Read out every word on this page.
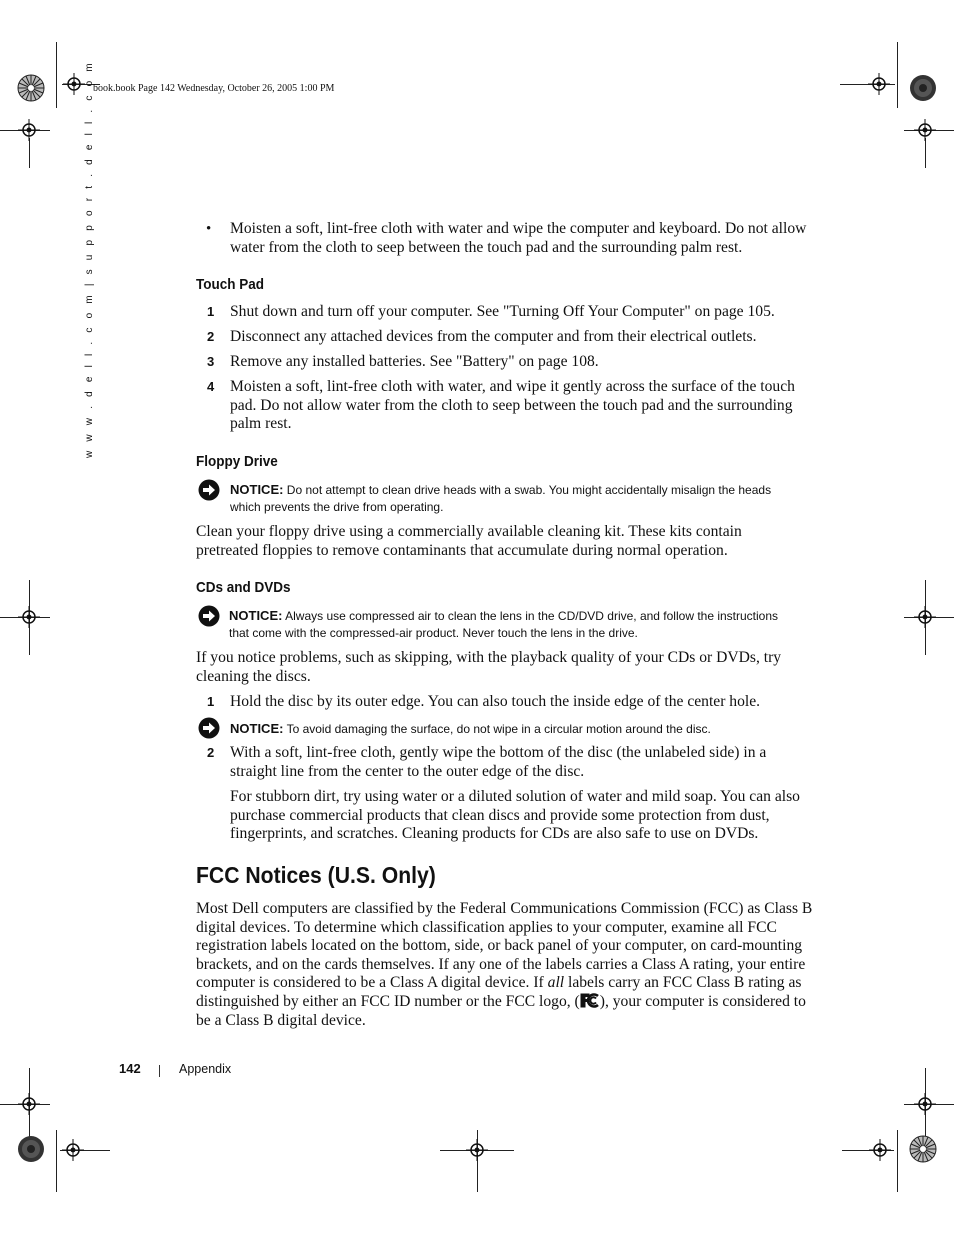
book.book Page 142 Wednesday, October 26, 2005 1:00 PM
w w w . d e l l . c o m | s u p p o r t . d e l l . c o m	• Moisten a soft, lint-free cloth with water and wipe the computer and keyboard. Do not allow
water from the cloth to seep between the touch pad and the surrounding palm rest.
Touch Pad
1 Shut down and turn off your computer. See "Turning Off Your Computer" on page 105.
2 Disconnect any attached devices from the computer and from their electrical outlets.
3 Remove any installed batteries. See "Battery" on page 108.
4 Moisten a soft, lint-free cloth with water, and wipe it gently across the surface of the touch
pad. Do not allow water from the cloth to seep between the touch pad and the surrounding
palm rest.
Floppy Drive
NOTICE: Do not attempt to clean drive heads with a swab. You might accidentally misalign the heads
which prevents the drive from operating.
Clean your floppy drive using a commercially available cleaning kit. These kits contain
pretreated floppies to remove contaminants that accumulate during normal operation.
CDs and DVDs
NOTICE: Always use compressed air to clean the lens in the CD/DVD drive, and follow the instructions
that come with the compressed-air product. Never touch the lens in the drive.
If you notice problems, such as skipping, with the playback quality of your CDs or DVDs, try
cleaning the discs.
1 Hold the disc by its outer edge. You can also touch the inside edge of the center hole.
NOTICE: To avoid damaging the surface, do not wipe in a circular motion around the disc.
2 With a soft, lint-free cloth, gently wipe the bottom of the disc (the unlabeled side) in a
straight line from the center to the outer edge of the disc.
For stubborn dirt, try using water or a diluted solution of water and mild soap. You can also
purchase commercial products that clean discs and provide some protection from dust,
fingerprints, and scratches. Cleaning products for CDs are also safe to use on DVDs.
FCC Notices (U.S. Only)
Most Dell computers are classified by the Federal Communications Commission (FCC) as Class B
digital devices. To determine which classification applies to your computer, examine all FCC
registration labels located on the bottom, side, or back panel of your computer, on card-mounting
brackets, and on the cards themselves. If any one of the labels carries a Class A rating, your entire
computer is considered to be a Class A digital device. If all labels carry an FCC Class B rating as
distinguished by either an FCC ID number or the FCC logo, ( ), your computer is considered to
be a Class B digital device.
142	Appendix
